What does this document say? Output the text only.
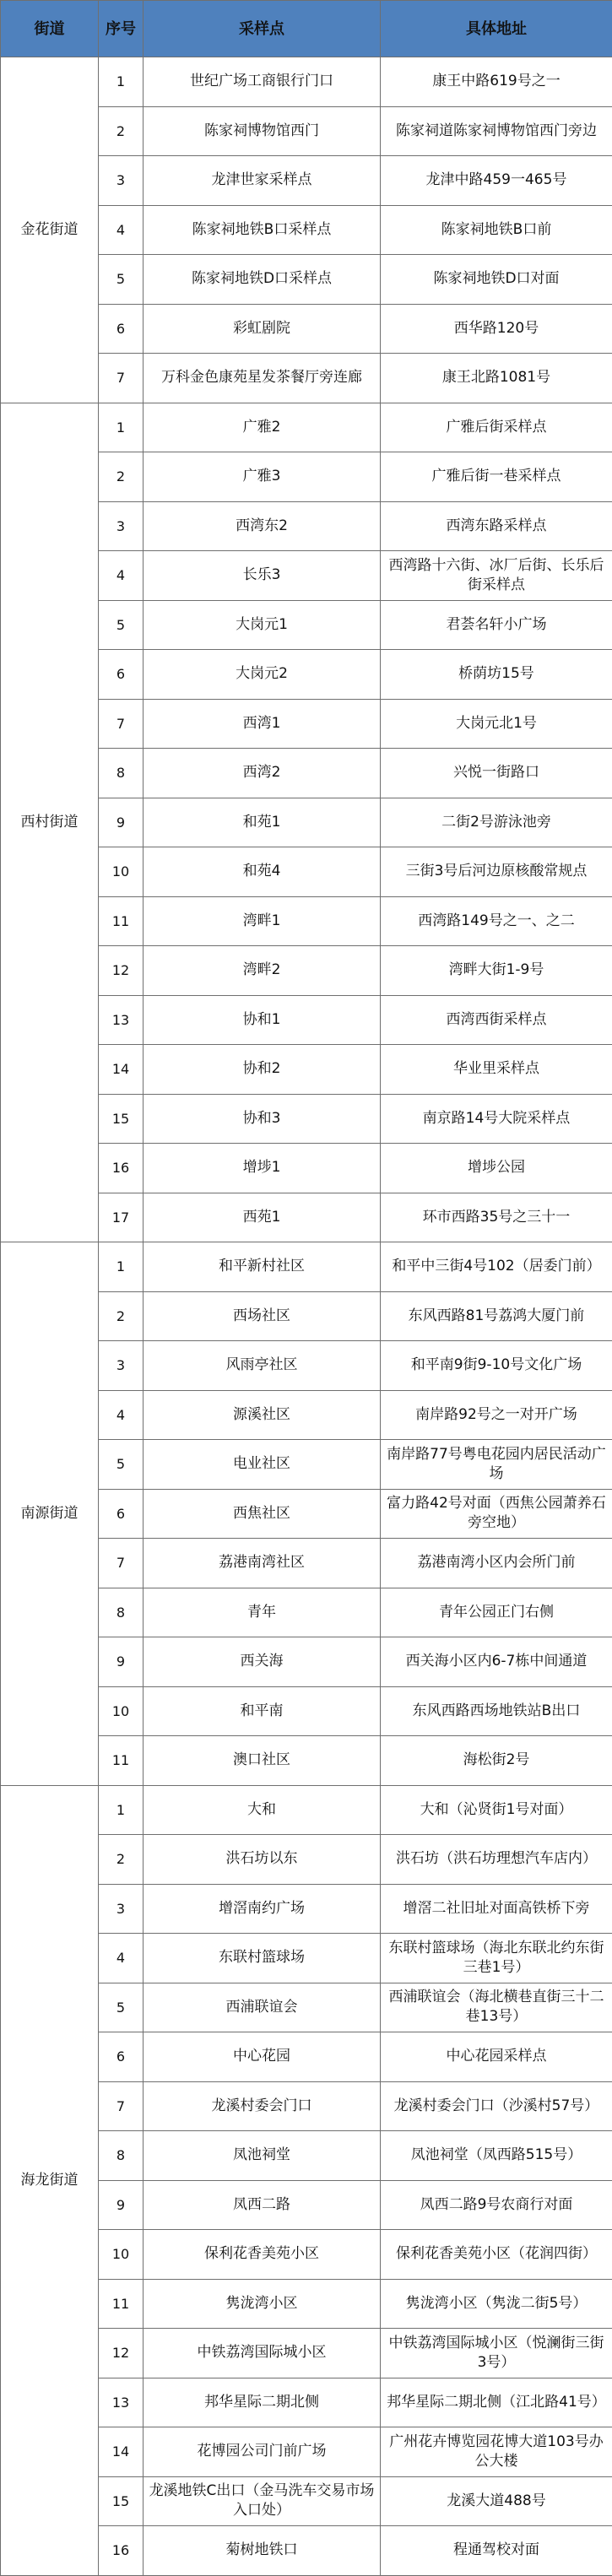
街道	序号	采样点	具体地址
金花街道	1	世纪广场工商银行门口	康王中路619号之一
	2	陈家祠博物馆西门	陈家祠道陈家祠博物馆西门旁边
	3	龙津世家采样点	龙津中路459一465号
	4	陈家祠地铁B口采样点	陈家祠地铁B口前
	5	陈家祠地铁D口采样点	陈家祠地铁D口对面
	6	彩虹剧院	西华路120号
	7	万科金色康苑星发茶餐厅旁连廊	康王北路1081号
西村街道	1	广雅2	广雅后街采样点
	2	广雅3	广雅后街一巷采样点
	3	西湾东2	西湾东路采样点
	4	长乐3	西湾路十六街、冰厂后街、长乐后街采样点
	5	大岗元1	君荟名轩小广场
	6	大岗元2	桥荫坊15号
	7	西湾1	大岗元北1号
	8	西湾2	兴悦一街路口
	9	和苑1	二街2号游泳池旁
	10	和苑4	三街3号后河边原核酸常规点
	11	湾畔1	西湾路149号之一、之二
	12	湾畔2	湾畔大街1-9号
	13	协和1	西湾西街采样点
	14	协和2	华业里采样点
	15	协和3	南京路14号大院采样点
	16	增埗1	增埗公园
	17	西苑1	环市西路35号之三十一
南源街道	1	和平新村社区	和平中三街4号102（居委门前）
	2	西场社区	东风西路81号荔鸿大厦门前
	3	风雨亭社区	和平南9街9-10号文化广场
	4	源溪社区	南岸路92号之一对开广场
	5	电业社区	南岸路77号粤电花园内居民活动广场
	6	西焦社区	富力路42号对面（西焦公园萧养石旁空地）
	7	荔港南湾社区	荔港南湾小区内会所门前
	8	青年	青年公园正门右侧
	9	西关海	西关海小区内6-7栋中间通道
	10	和平南	东风西路西场地铁站B出口
	11	澳口社区	海松街2号
海龙街道	1	大和	大和（沁贤街1号对面）
	2	洪石坊以东	洪石坊（洪石坊理想汽车店内）
	3	增滘南约广场	增滘二社旧址对面高铁桥下旁
	4	东联村篮球场	东联村篮球场（海北东联北约东街三巷1号）
	5	西浦联谊会	西浦联谊会（海北横巷直街三十二巷13号）
	6	中心花园	中心花园采样点
	7	龙溪村委会门口	龙溪村委会门口（沙溪村57号）
	8	凤池祠堂	凤池祠堂（凤西路515号）
	9	凤西二路	凤西二路9号农商行对面
	10	保利花香美苑小区	保利花香美苑小区（花润四街）
	11	隽泷湾小区	隽泷湾小区（隽泷二街5号）
	12	中铁荔湾国际城小区	中铁荔湾国际城小区（悦澜街三街3号）
	13	邦华星际二期北侧	邦华星际二期北侧（江北路41号）
	14	花博园公司门前广场	广州花卉博览园花博大道103号办公大楼
	15	龙溪地铁C出口（金马洗车交易市场入口处）	龙溪大道488号
	16	菊树地铁口	程通驾校对面
